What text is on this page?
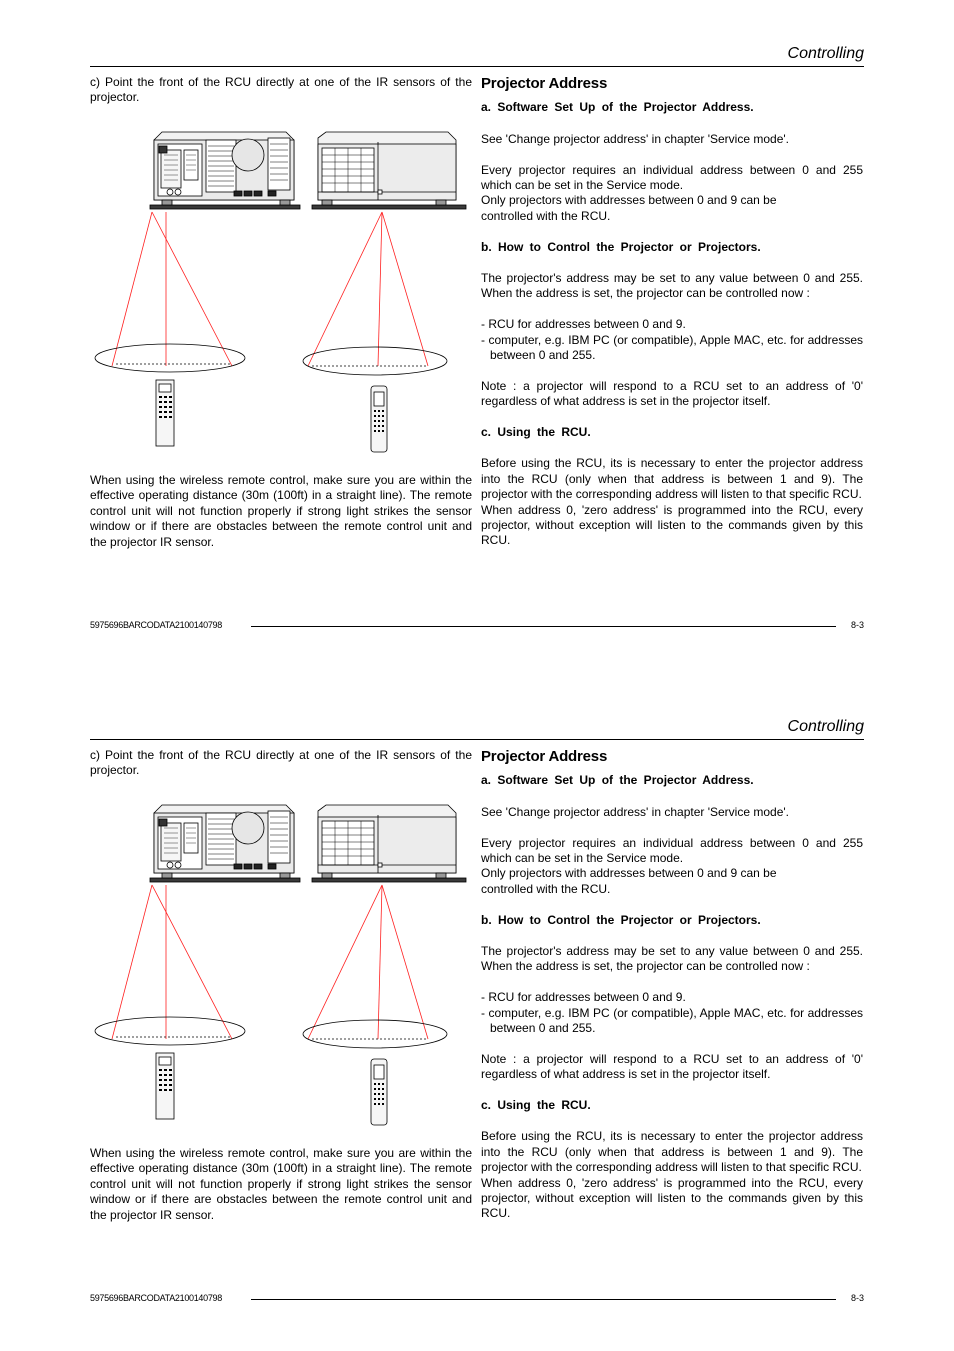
Controlling

c) Point the front of the RCU directly at one of the IR sensors of the projector.

When using the wireless remote control, make sure you are within the effective operating distance (30m (100ft) in a straight line). The remote control unit will not function properly if strong light strikes the sensor window or if there are obstacles between the remote control unit and the projector IR sensor.
Projector Address

a. Software Set Up of the Projector Address.

See 'Change projector address' in chapter 'Service mode'.

Every projector requires an individual address between 0 and 255 which can be set in the Service mode.

Only projectors with addresses between 0 and 9 can be controlled with the RCU.

b. How to Control the Projector or Projectors.

The projector's address may be set to any value between 0 and 255. When the address is set, the projector can be controlled now :

- RCU for addresses between 0 and 9.

- computer, e.g. IBM PC (or compatible), Apple MAC, etc. for addresses between 0 and 255.

Note : a projector will respond to a RCU set to an address of '0' regardless of what address is set in the projector itself.

c. Using the RCU.

Before using the RCU, its is necessary to enter the projector address into the RCU (only when that address is between 1 and 9). The projector with the corresponding address will listen to that specific RCU.

When address 0, 'zero address' is programmed into the RCU, every projector, without exception will listen to the commands given by this RCU.

5975696BARCODATA2100140798	8-3
Controlling

c) Point the front of the RCU directly at one of the IR sensors of the projector.

When using the wireless remote control, make sure you are within the effective operating distance (30m (100ft) in a straight line). The remote control unit will not function properly if strong light strikes the sensor window or if there are obstacles between the remote control unit and the projector IR sensor.
Projector Address

a. Software Set Up of the Projector Address.

See 'Change projector address' in chapter 'Service mode'.

Every projector requires an individual address between 0 and 255 which can be set in the Service mode.

Only projectors with addresses between 0 and 9 can be controlled with the RCU.

b. How to Control the Projector or Projectors.

The projector's address may be set to any value between 0 and 255. When the address is set, the projector can be controlled now :

- RCU for addresses between 0 and 9.

- computer, e.g. IBM PC (or compatible), Apple MAC, etc. for addresses between 0 and 255.

Note : a projector will respond to a RCU set to an address of '0' regardless of what address is set in the projector itself.

c. Using the RCU.

Before using the RCU, its is necessary to enter the projector address into the RCU (only when that address is between 1 and 9). The projector with the corresponding address will listen to that specific RCU.

When address 0, 'zero address' is programmed into the RCU, every projector, without exception will listen to the commands given by this RCU.

5975696BARCODATA2100140798	8-3
